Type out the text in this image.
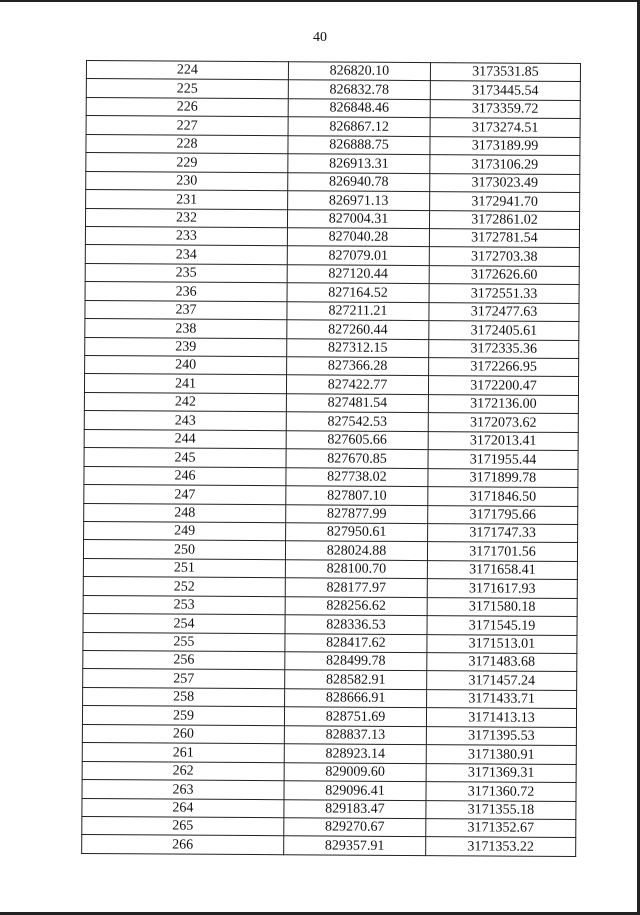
40
224	826820.10	3173531.85
225	826832.78	3173445.54
226	826848.46	3173359.72
227	826867.12	3173274.51
228	826888.75	3173189.99
229	826913.31	3173106.29
230	826940.78	3173023.49
231	826971.13	3172941.70
232	827004.31	3172861.02
233	827040.28	3172781.54
234	827079.01	3172703.38
235	827120.44	3172626.60
236	827164.52	3172551.33
237	827211.21	3172477.63
238	827260.44	3172405.61
239	827312.15	3172335.36
240	827366.28	3172266.95
241	827422.77	3172200.47
242	827481.54	3172136.00
243	827542.53	3172073.62
244	827605.66	3172013.41
245	827670.85	3171955.44
246	827738.02	3171899.78
247	827807.10	3171846.50
248	827877.99	3171795.66
249	827950.61	3171747.33
250	828024.88	3171701.56
251	828100.70	3171658.41
252	828177.97	3171617.93
253	828256.62	3171580.18
254	828336.53	3171545.19
255	828417.62	3171513.01
256	828499.78	3171483.68
257	828582.91	3171457.24
258	828666.91	3171433.71
259	828751.69	3171413.13
260	828837.13	3171395.53
261	828923.14	3171380.91
262	829009.60	3171369.31
263	829096.41	3171360.72
264	829183.47	3171355.18
265	829270.67	3171352.67
266	829357.91	3171353.22
